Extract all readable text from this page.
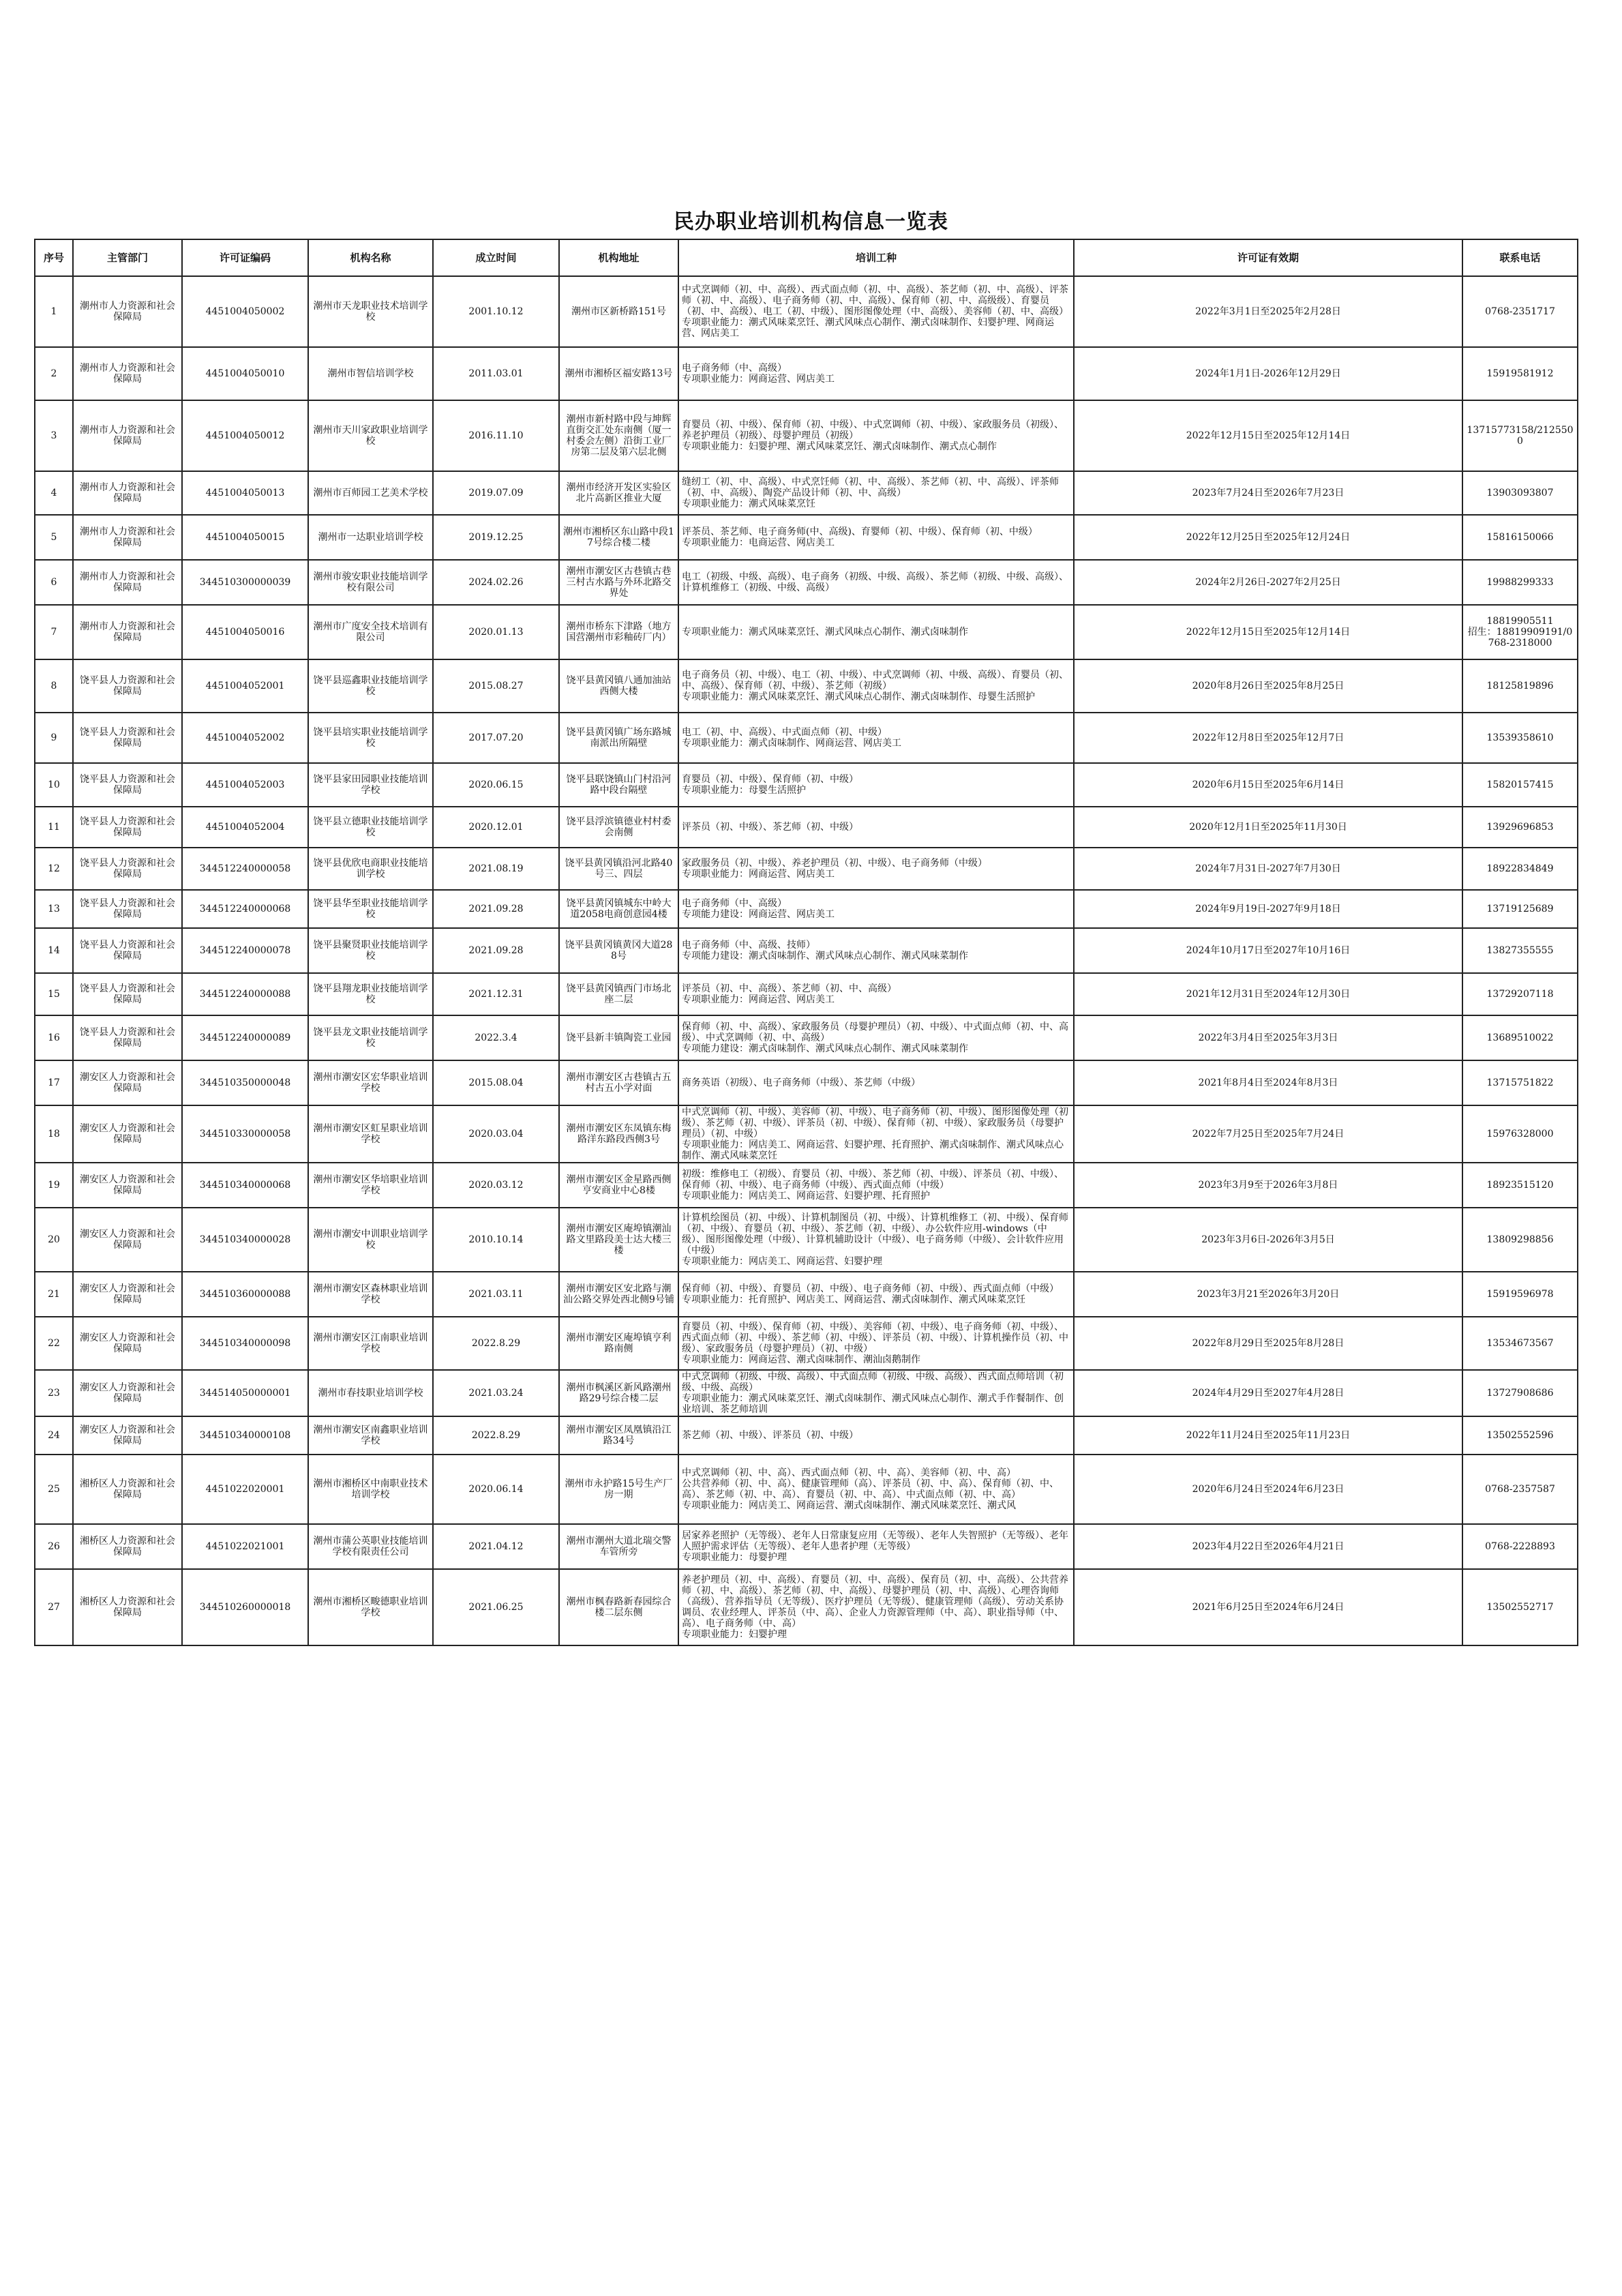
民办职业培训机构信息一览表
序号	主管部门	许可证编码	机构名称	成立时间	机构地址	培训工种	许可证有效期	联系电话
1	潮州市人力资源和社会保障局	4451004050002	潮州市天龙职业技术培训学校	2001.10.12	潮州市区新桥路151号	中式烹调师（初、中、高级）、西式面点师（初、中、高级）、茶艺师（初、中、高级）、评茶师（初、中、高级）、电子商务师（初、中、高级）、保育师（初、中、高级级）、育婴员（初、中、高级）、电工（初、中级）、图形图像处理（中、高级）、美容师（初、中、高级）
专项职业能力：潮式风味菜烹饪、潮式风味点心制作、潮式卤味制作、妇婴护理、网商运营、网店美工	2022年3月1日至2025年2月28日	0768-2351717
2	潮州市人力资源和社会保障局	4451004050010	潮州市智信培训学校	2011.03.01	潮州市湘桥区福安路13号	电子商务师（中、高级）
专项职业能力：网商运营、网店美工	2024年1月1日-2026年12月29日	15919581912
3	潮州市人力资源和社会保障局	4451004050012	潮州市天川家政职业培训学校	2016.11.10	潮州市新村路中段与坤辉直街交汇处东南侧（厦一村委会左侧）沿街工业厂房第二层及第六层北侧	育婴员（初、中级）、保育师（初、中级）、中式烹调师（初、中级）、家政服务员（初级）、养老护理员（初级）、母婴护理员（初级）
专项职业能力：妇婴护理、潮式风味菜烹饪、潮式卤味制作、潮式点心制作	2022年12月15日至2025年12月14日	13715773158/2125500
4	潮州市人力资源和社会保障局	4451004050013	潮州市百师园工艺美术学校	2019.07.09	潮州市经济开发区实验区北片高新区推业大厦	缝纫工（初、中、高级）、中式烹饪师（初、中、高级）、茶艺师（初、中、高级）、评茶师（初、中、高级）、陶瓷产品设计师（初、中、高级）
专项职业能力：潮式风味菜烹饪	2023年7月24日至2026年7月23日	13903093807
5	潮州市人力资源和社会保障局	4451004050015	潮州市一达职业培训学校	2019.12.25	潮州市湘桥区东山路中段17号综合楼二楼	评茶员、茶艺师、电子商务师(中、高级)、育婴师（初、中级）、保育师（初、中级）
专项职业能力：电商运营、网店美工	2022年12月25日至2025年12月24日	15816150066
6	潮州市人力资源和社会保障局	344510300000039	潮州市骏安职业技能培训学校有限公司	2024.02.26	潮州市潮安区古巷镇古巷三村古水路与外环北路交界处	电工（初级、中级、高级）、电子商务（初级、中级、高级）、茶艺师（初级、中级、高级）、计算机维修工（初级、中级、高级）	2024年2月26日-2027年2月25日	19988299333
7	潮州市人力资源和社会保障局	4451004050016	潮州市广度安全技术培训有限公司	2020.01.13	潮州市桥东下津路（地方国营潮州市彩釉砖厂内）	专项职业能力：潮式风味菜烹饪、潮式风味点心制作、潮式卤味制作	2022年12月15日至2025年12月14日	18819905511
招生：18819909191/0768-2318000
8	饶平县人力资源和社会保障局	4451004052001	饶平县巡鑫职业技能培训学校	2015.08.27	饶平县黄冈镇八通加油站西侧大楼	电子商务员（初、中级）、电工（初、中级）、中式烹调师（初、中级、高级）、育婴员（初、中、高级）、保育师（初、中级）、茶艺师（初级）
专项职业能力：潮式风味菜烹饪、潮式风味点心制作、潮式卤味制作、母婴生活照护	2020年8月26日至2025年8月25日	18125819896
9	饶平县人力资源和社会保障局	4451004052002	饶平县培实职业技能培训学校	2017.07.20	饶平县黄冈镇广场东路城南派出所隔壁	电工（初、中、高级）、中式面点师（初、中级）
专项职业能力：潮式卤味制作、网商运营、网店美工	2022年12月8日至2025年12月7日	13539358610
10	饶平县人力资源和社会保障局	4451004052003	饶平县家田园职业技能培训学校	2020.06.15	饶平县联饶镇山门村沿河路中段台隔壁	育婴员（初、中级）、保育师（初、中级）
专项职业能力：母婴生活照护	2020年6月15日至2025年6月14日	15820157415
11	饶平县人力资源和社会保障局	4451004052004	饶平县立德职业技能培训学校	2020.12.01	饶平县浮滨镇德业村村委会南侧	评茶员（初、中级）、茶艺师（初、中级）	2020年12月1日至2025年11月30日	13929696853
12	饶平县人力资源和社会保障局	344512240000058	饶平县优欣电商职业技能培训学校	2021.08.19	饶平县黄冈镇沿河北路40号三、四层	家政服务员（初、中级）、养老护理员（初、中级）、电子商务师（中级）
专项职业能力：网商运营、网店美工	2024年7月31日-2027年7月30日	18922834849
13	饶平县人力资源和社会保障局	344512240000068	饶平县华至职业技能培训学校	2021.09.28	饶平县黄冈镇城东中岭大道2058电商创意园4楼	电子商务师（中、高级）
专项能力建设：网商运营、网店美工	2024年9月19日-2027年9月18日	13719125689
14	饶平县人力资源和社会保障局	344512240000078	饶平县聚贤职业技能培训学校	2021.09.28	饶平县黄冈镇黄冈大道288号	电子商务师（中、高级、技师）
专项能力建设：潮式卤味制作、潮式风味点心制作、潮式风味菜制作	2024年10月17日至2027年10月16日	13827355555
15	饶平县人力资源和社会保障局	344512240000088	饶平县翔龙职业技能培训学校	2021.12.31	饶平县黄冈镇西门市场北座二层	评茶员（初、中、高级）、茶艺师（初、中、高级）
专项职业能力：网商运营、网店美工	2021年12月31日至2024年12月30日	13729207118
16	饶平县人力资源和社会保障局	344512240000089	饶平县龙文职业技能培训学校	2022.3.4	饶平县新丰镇陶瓷工业园	保育师（初、中、高级）、家政服务员（母婴护理员）（初、中级）、中式面点师（初、中、高级）、中式烹调师（初、中、高级）
专项能力建设：潮式卤味制作、潮式风味点心制作、潮式风味菜制作	2022年3月4日至2025年3月3日	13689510022
17	潮安区人力资源和社会保障局	344510350000048	潮州市潮安区宏华职业培训学校	2015.08.04	潮州市潮安区古巷镇古五村古五小学对面	商务英语（初级）、电子商务师（中级）、茶艺师（中级）	2021年8月4日至2024年8月3日	13715751822
18	潮安区人力资源和社会保障局	344510330000058	潮州市潮安区虹星职业培训学校	2020.03.04	潮州市潮安区东凤镇东梅路洋东路段西侧3号	中式烹调师（初、中级）、美容师（初、中级）、电子商务师（初、中级）、图形图像处理（初级）、茶艺师（初、中级）、评茶员（初、中级）、保育师（初、中级）、家政服务员（母婴护理员）（初、中级）
专项职业能力：网店美工、网商运营、妇婴护理、托育照护、潮式卤味制作、潮式风味点心制作、潮式风味菜烹饪	2022年7月25日至2025年7月24日	15976328000
19	潮安区人力资源和社会保障局	344510340000068	潮州市潮安区华培职业培训学校	2020.03.12	潮州市潮安区金星路西侧亨安商业中心8楼	初级：维修电工（初级）、育婴员（初、中级）、茶艺师（初、中级）、评茶员（初、中级）、保育师（初、中级）、电子商务师（中级）、西式面点师（中级）
专项职业能力：网店美工、网商运营、妇婴护理、托育照护	2023年3月9至于2026年3月8日	18923515120
20	潮安区人力资源和社会保障局	344510340000028	潮州市潮安中训职业培训学校	2010.10.14	潮州市潮安区庵埠镇潮汕路文里路段美士达大楼三楼	计算机绘图员（初、中级）、计算机制图员（初、中级）、计算机维修工（初、中级）、保育师（初、中级）、育婴员（初、中级）、茶艺师（初、中级）、办公软件应用-windows（中级）、图形图像处理（中级）、计算机辅助设计（中级）、电子商务师（中级）、会计软件应用（中级）
专项职业能力：网店美工、网商运营、妇婴护理	2023年3月6日-2026年3月5日	13809298856
21	潮安区人力资源和社会保障局	344510360000088	潮州市潮安区森林职业培训学校	2021.03.11	潮州市潮安区安北路与潮汕公路交界处西北侧9号铺	保育师（初、中级）、育婴员（初、中级）、电子商务师（初、中级）、西式面点师（中级）
专项职业能力：托育照护、网店美工、网商运营、潮式卤味制作、潮式风味菜烹饪	2023年3月21至2026年3月20日	15919596978
22	潮安区人力资源和社会保障局	344510340000098	潮州市潮安区江南职业培训学校	2022.8.29	潮州市潮安区庵埠镇亨利路南侧	育婴员（初、中级）、保育师（初、中级）、美容师（初、中级）、电子商务师（初、中级）、西式面点师（初、中级）、茶艺师（初、中级）、评茶员（初、中级）、计算机操作员（初、中级）、家政服务员（母婴护理员）（初、中级）
专项职业能力：网商运营、潮式卤味制作、潮汕卤鹅制作	2022年8月29日至2025年8月28日	13534673567
23	潮安区人力资源和社会保障局	344514050000001	潮州市春技职业培训学校	2021.03.24	潮州市枫溪区新风路潮州路29号综合楼二层	中式烹调师（初级、中级、高级）、中式面点师（初级、中级、高级）、西式面点师培训（初级、中级、高级）
专项职业能力：潮式风味菜烹饪、潮式卤味制作、潮式风味点心制作、潮式手作餐制作、创业培训、茶艺师培训	2024年4月29日至2027年4月28日	13727908686
24	潮安区人力资源和社会保障局	344510340000108	潮州市潮安区南鑫职业培训学校	2022.8.29	潮州市潮安区凤凰镇沿江路34号	茶艺师（初、中级）、评茶员（初、中级）	2022年11月24日至2025年11月23日	13502552596
25	湘桥区人力资源和社会保障局	4451022020001	潮州市湘桥区中南职业技术培训学校	2020.06.14	潮州市永护路15号生产厂房一期	中式烹调师（初、中、高）、西式面点师（初、中、高）、美容师（初、中、高）
公共营养师（初、中、高）、健康管理师（高）、评茶员（初、中、高）、保育师（初、中、高）、茶艺师（初、中、高）、育婴员（初、中、高）、中式面点师（初、中、高）
专项职业能力：网店美工、网商运营、潮式卤味制作、潮式风味菜烹饪、潮式风	2020年6月24日至2024年6月23日	0768-2357587
26	湘桥区人力资源和社会保障局	4451022021001	潮州市蒲公英职业技能培训学校有限责任公司	2021.04.12	潮州市潮州大道北瑞交警车管所旁	居家养老照护（无等级）、老年人日常康复应用（无等级）、老年人失智照护（无等级）、老年人照护需求评估（无等级）、老年人患者护理（无等级）
专项职业能力：母婴护理	2023年4月22日至2026年4月21日	0768-2228893
27	湘桥区人力资源和社会保障局	344510260000018	潮州市湘桥区畯德职业培训学校	2021.06.25	潮州市枫春路新春园综合楼二层东侧	养老护理员（初、中、高级）、育婴员（初、中、高级）、保育员（初、中、高级）、公共营养师（初、中、高级）、茶艺师（初、中、高级）、母婴护理员（初、中、高级）、心理咨询师（高级）、营养指导员（无等级）、医疗护理员（无等级）、健康管理师（高级）、劳动关系协调员、农业经理人、评茶员（中、高）、企业人力资源管理师（中、高）、职业指导师（中、高）、电子商务师（中、高）
专项职业能力：妇婴护理	2021年6月25日至2024年6月24日	13502552717
